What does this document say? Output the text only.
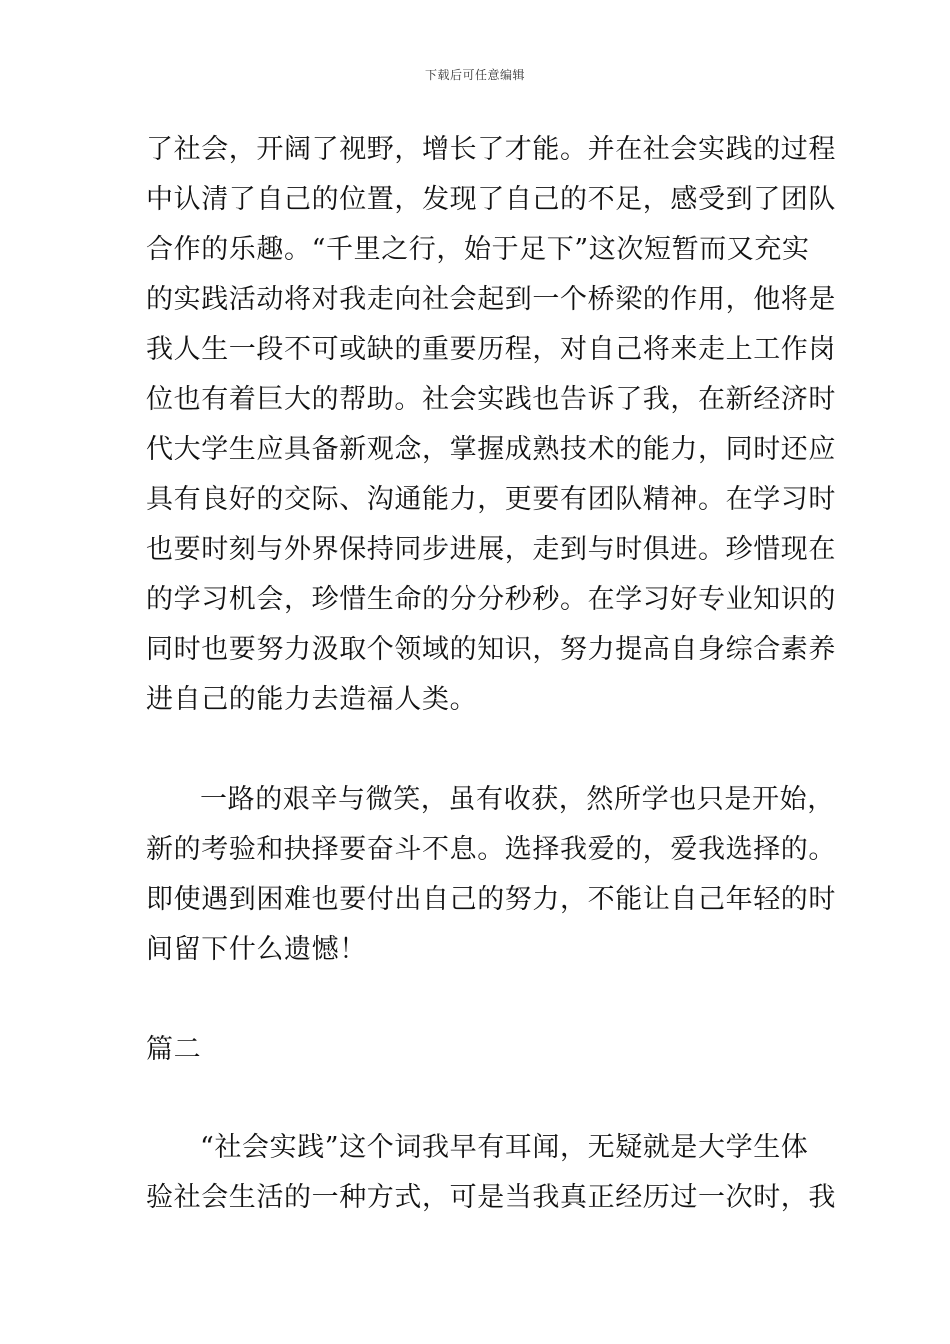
下载后可任意编辑
了社会，开阔了视野，增长了才能。并在社会实践的过程
中认清了自己的位置，发现了自己的不足，感受到了团队
合作的乐趣。“千里之行，始于足下”这次短暂而又充实
的实践活动将对我走向社会起到一个桥梁的作用，他将是
我人生一段不可或缺的重要历程，对自己将来走上工作岗
位也有着巨大的帮助。社会实践也告诉了我，在新经济时
代大学生应具备新观念，掌握成熟技术的能力，同时还应
具有良好的交际、沟通能力，更要有团队精神。在学习时
也要时刻与外界保持同步进展，走到与时俱进。珍惜现在
的学习机会，珍惜生命的分分秒秒。在学习好专业知识的
同时也要努力汲取个领域的知识，努力提高自身综合素养
进自己的能力去造福人类。
一路的艰辛与微笑，虽有收获，然所学也只是开始，
新的考验和抉择要奋斗不息。选择我爱的，爱我选择的。
即使遇到困难也要付出自己的努力，不能让自己年轻的时
间留下什么遗憾！
篇二
“社会实践”这个词我早有耳闻，无疑就是大学生体
验社会生活的一种方式，可是当我真正经历过一次时，我
